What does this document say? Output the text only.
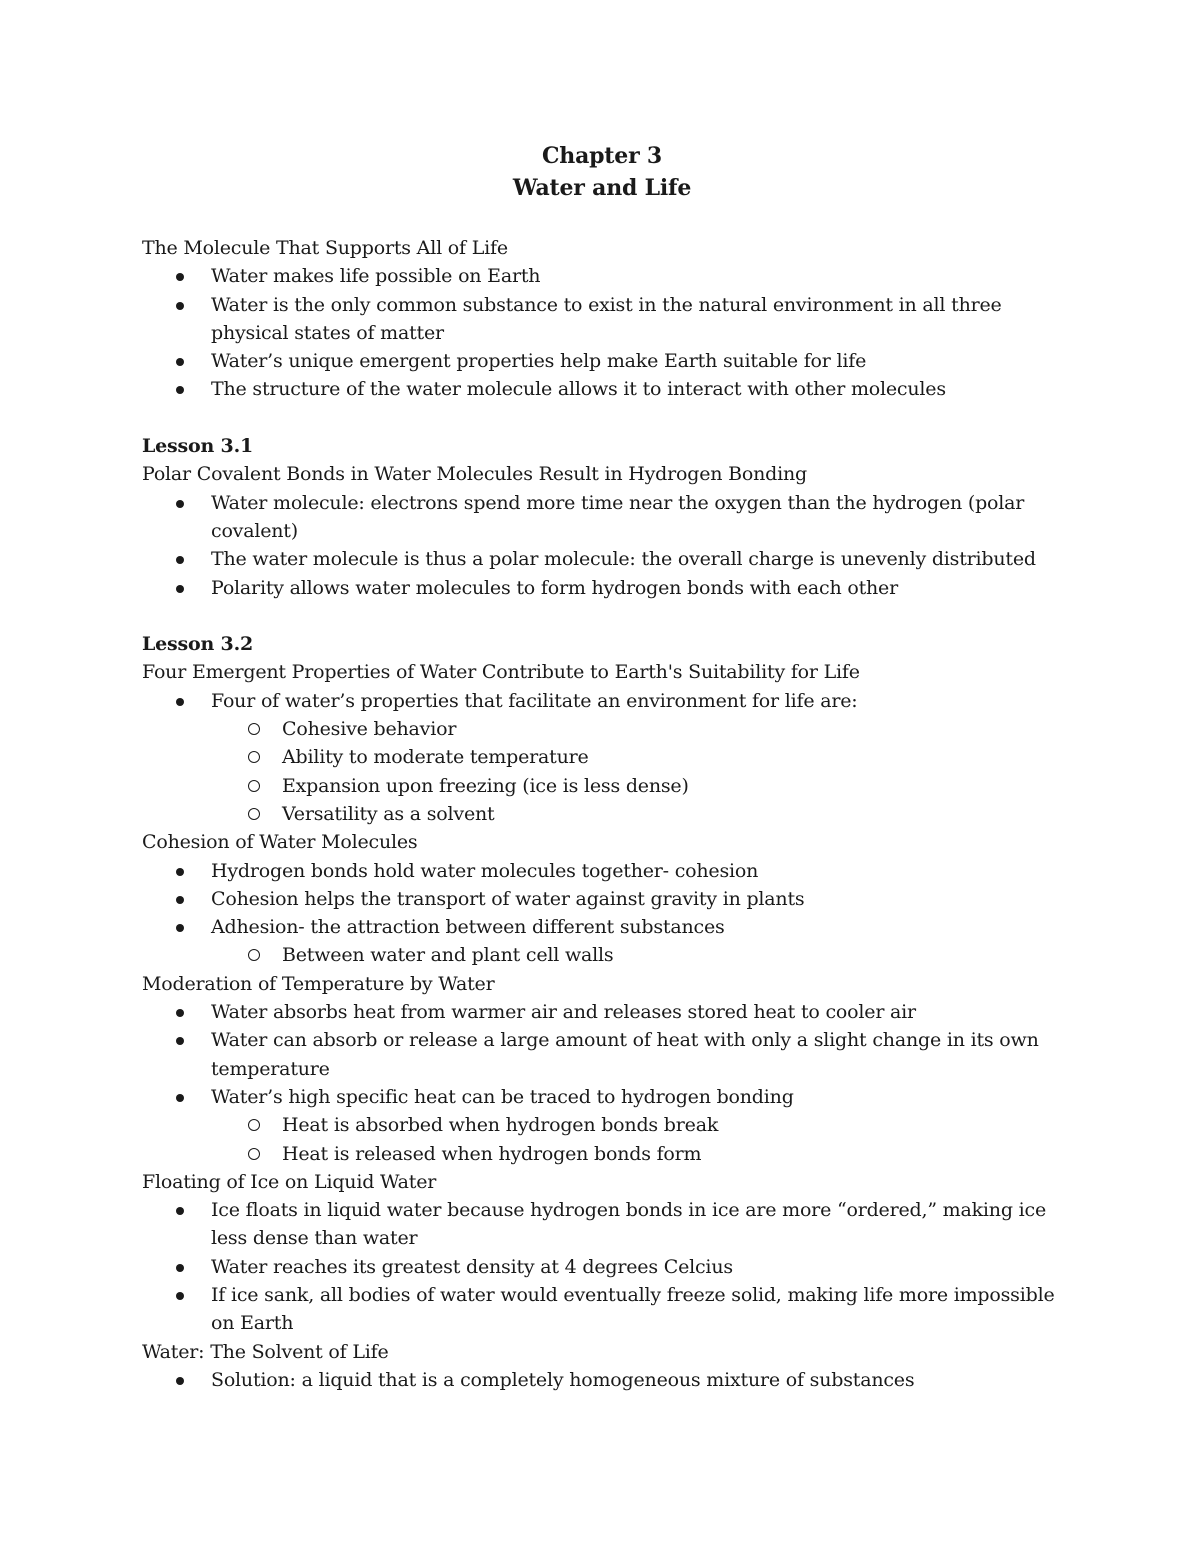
Chapter 3
Water and Life
The Molecule That Supports All of Life
Water makes life possible on Earth
Water is the only common substance to exist in the natural environment in all three physical states of matter
Water’s unique emergent properties help make Earth suitable for life
The structure of the water molecule allows it to interact with other molecules
Lesson 3.1
Polar Covalent Bonds in Water Molecules Result in Hydrogen Bonding
Water molecule: electrons spend more time near the oxygen than the hydrogen (polar covalent)
The water molecule is thus a polar molecule: the overall charge is unevenly distributed
Polarity allows water molecules to form hydrogen bonds with each other
Lesson 3.2
Four Emergent Properties of Water Contribute to Earth's Suitability for Life
Four of water’s properties that facilitate an environment for life are:
Cohesive behavior
Ability to moderate temperature
Expansion upon freezing (ice is less dense)
Versatility as a solvent
Cohesion of Water Molecules
Hydrogen bonds hold water molecules together- cohesion
Cohesion helps the transport of water against gravity in plants
Adhesion- the attraction between different substances
Between water and plant cell walls
Moderation of Temperature by Water
Water absorbs heat from warmer air and releases stored heat to cooler air
Water can absorb or release a large amount of heat with only a slight change in its own temperature
Water’s high specific heat can be traced to hydrogen bonding
Heat is absorbed when hydrogen bonds break
Heat is released when hydrogen bonds form
Floating of Ice on Liquid Water
Ice floats in liquid water because hydrogen bonds in ice are more “ordered,” making ice less dense than water
Water reaches its greatest density at 4 degrees Celcius
If ice sank, all bodies of water would eventually freeze solid, making life more impossible on Earth
Water: The Solvent of Life
Solution: a liquid that is a completely homogeneous mixture of substances
